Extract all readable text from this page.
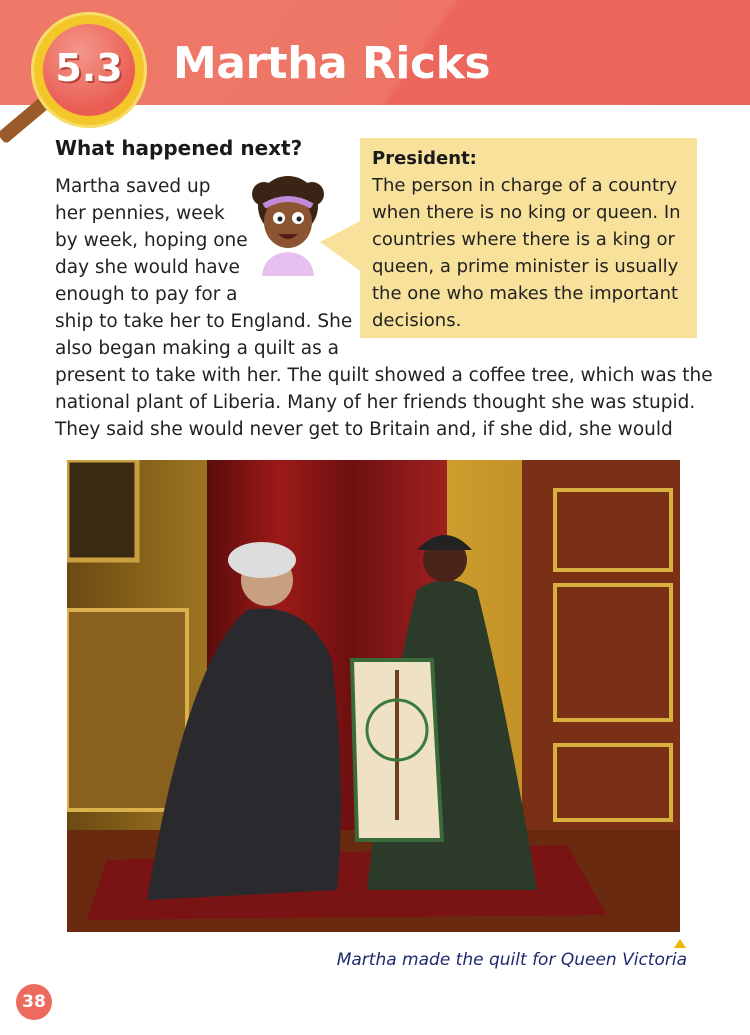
5.3 Martha Ricks
What happened next?
Martha saved up
her pennies, week
by week, hoping one
day she would have
enough to pay for a
ship to take her to England. She
also began making a quilt as a
present to take with her. The quilt showed a coffee tree, which was the
national plant of Liberia. Many of her friends thought she was stupid.
They said she would never get to Britain and, if she did, she would
President:
The person in charge of a country
when there is no king or queen. In
countries where there is a king or
queen, a prime minister is usually
the one who makes the important
decisions.
Martha made the quilt for Queen Victoria
38
